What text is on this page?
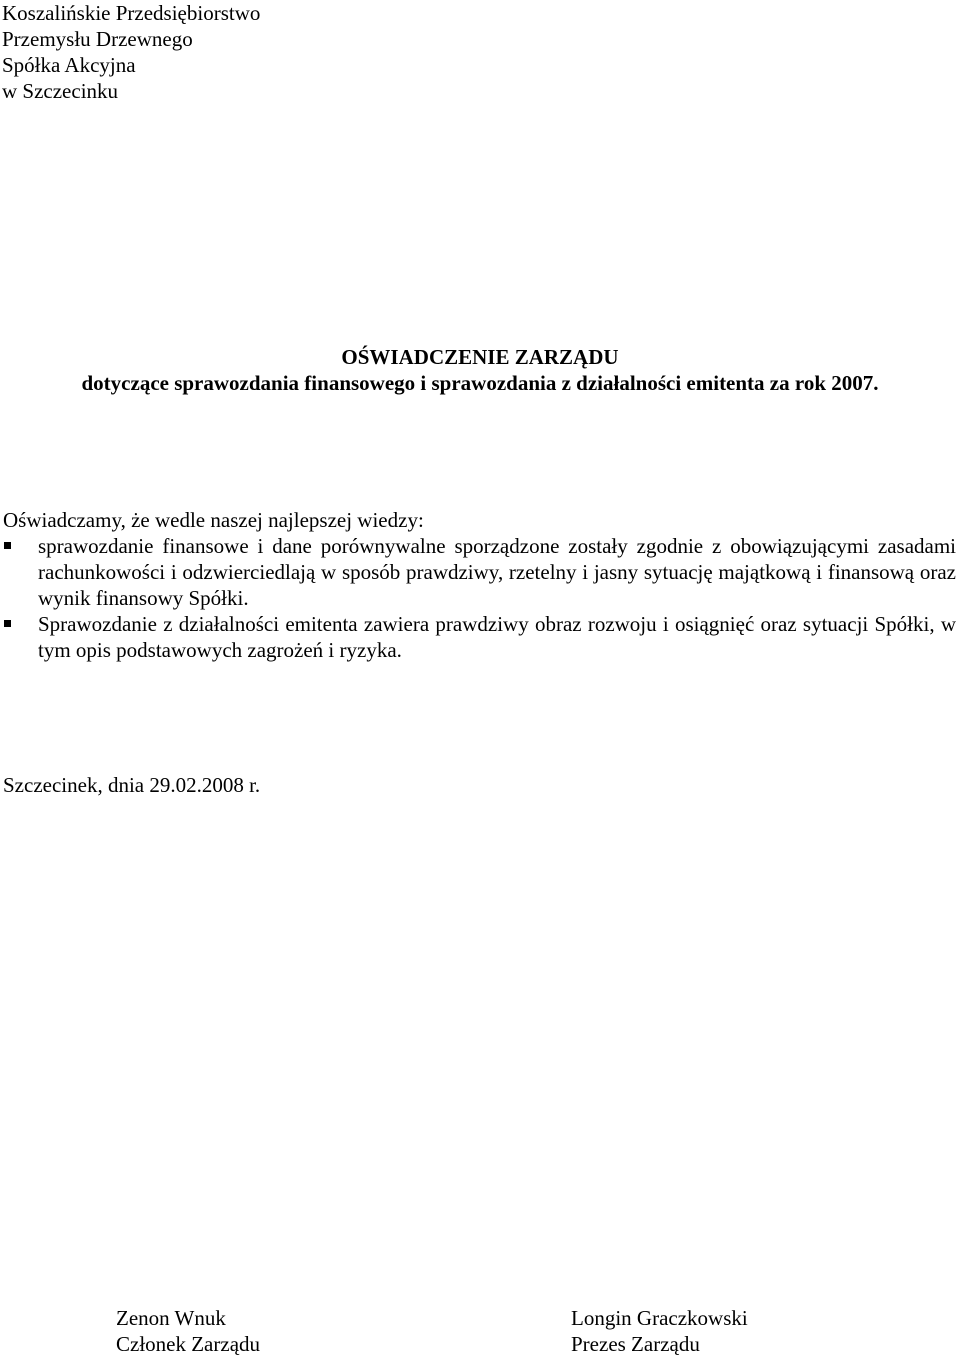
Koszalińskie Przedsiębiorstwo
Przemysłu Drzewnego
Spółka Akcyjna
w Szczecinku
OŚWIADCZENIE ZARZĄDU
dotyczące sprawozdania finansowego i sprawozdania z działalności emitenta za rok 2007.
Oświadczamy, że wedle naszej najlepszej wiedzy:
sprawozdanie finansowe i dane porównywalne sporządzone zostały zgodnie z obowiązującymi zasadami rachunkowości i odzwierciedlają w sposób prawdziwy, rzetelny i jasny sytuację majątkową i finansową oraz wynik finansowy Spółki.
Sprawozdanie z działalności emitenta zawiera prawdziwy obraz rozwoju i osiągnięć oraz sytuacji Spółki, w tym opis podstawowych zagrożeń i ryzyka.
Szczecinek, dnia 29.02.2008 r.
Zenon Wnuk
Członek Zarządu
Longin Graczkowski
Prezes Zarządu
